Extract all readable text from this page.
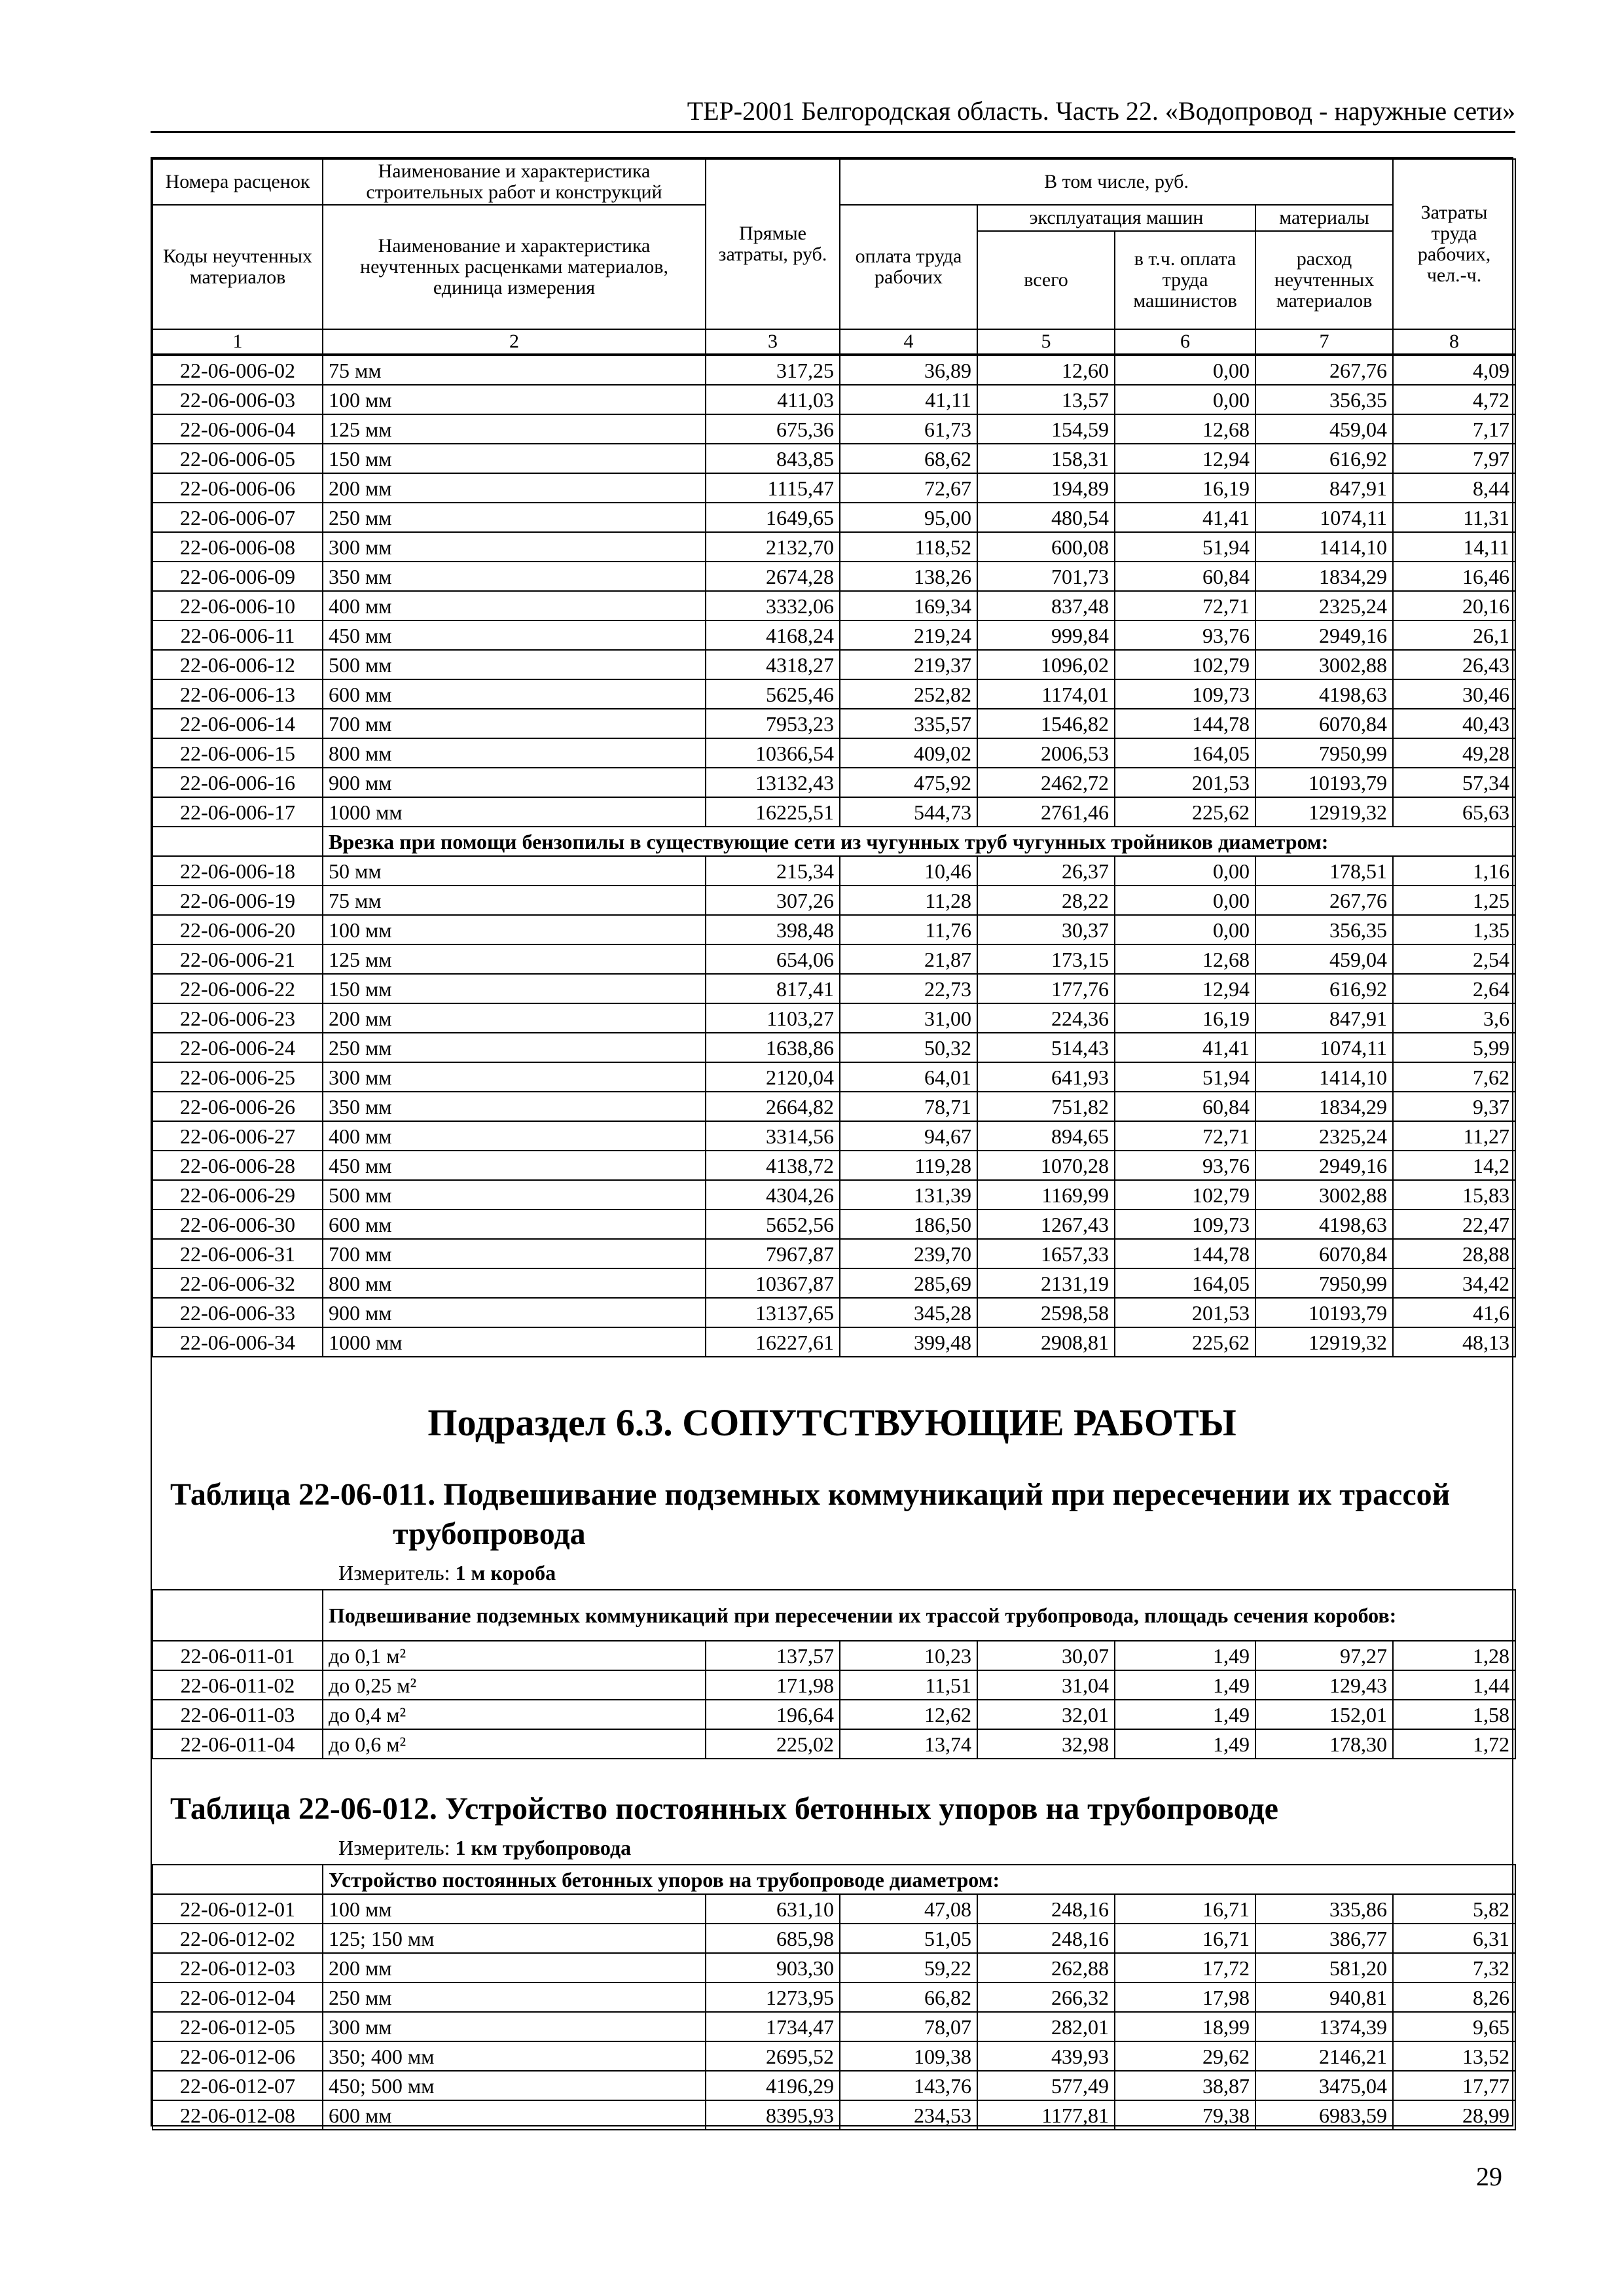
ТЕР-2001 Белгородская область. Часть 22. «Водопровод - наружные сети»
Номера расценок	Наименование и характеристика строительных работ и конструкций	Прямые затраты, руб.	В том числе, руб.				Затраты труда рабочих, чел.-ч.
Коды неучтенных материалов	Наименование и характеристика неучтенных расценками материалов, единица измерения		оплата труда рабочих	эксплуатация машин		материалы	
				всего	в т.ч. оплата труда машинистов	расход неучтенных материалов	
1	2	3	4	5	6	7	8
22-06-006-02	75 мм	317,25	36,89	12,60	0,00	267,76	4,09
22-06-006-03	100 мм	411,03	41,11	13,57	0,00	356,35	4,72
22-06-006-04	125 мм	675,36	61,73	154,59	12,68	459,04	7,17
22-06-006-05	150 мм	843,85	68,62	158,31	12,94	616,92	7,97
22-06-006-06	200 мм	1115,47	72,67	194,89	16,19	847,91	8,44
22-06-006-07	250 мм	1649,65	95,00	480,54	41,41	1074,11	11,31
22-06-006-08	300 мм	2132,70	118,52	600,08	51,94	1414,10	14,11
22-06-006-09	350 мм	2674,28	138,26	701,73	60,84	1834,29	16,46
22-06-006-10	400 мм	3332,06	169,34	837,48	72,71	2325,24	20,16
22-06-006-11	450 мм	4168,24	219,24	999,84	93,76	2949,16	26,1
22-06-006-12	500 мм	4318,27	219,37	1096,02	102,79	3002,88	26,43
22-06-006-13	600 мм	5625,46	252,82	1174,01	109,73	4198,63	30,46
22-06-006-14	700 мм	7953,23	335,57	1546,82	144,78	6070,84	40,43
22-06-006-15	800 мм	10366,54	409,02	2006,53	164,05	7950,99	49,28
22-06-006-16	900 мм	13132,43	475,92	2462,72	201,53	10193,79	57,34
22-06-006-17	1000 мм	16225,51	544,73	2761,46	225,62	12919,32	65,63
	Врезка при помощи бензопилы в существующие сети из чугунных труб чугунных тройников диаметром:						
22-06-006-18	50 мм	215,34	10,46	26,37	0,00	178,51	1,16
22-06-006-19	75 мм	307,26	11,28	28,22	0,00	267,76	1,25
22-06-006-20	100 мм	398,48	11,76	30,37	0,00	356,35	1,35
22-06-006-21	125 мм	654,06	21,87	173,15	12,68	459,04	2,54
22-06-006-22	150 мм	817,41	22,73	177,76	12,94	616,92	2,64
22-06-006-23	200 мм	1103,27	31,00	224,36	16,19	847,91	3,6
22-06-006-24	250 мм	1638,86	50,32	514,43	41,41	1074,11	5,99
22-06-006-25	300 мм	2120,04	64,01	641,93	51,94	1414,10	7,62
22-06-006-26	350 мм	2664,82	78,71	751,82	60,84	1834,29	9,37
22-06-006-27	400 мм	3314,56	94,67	894,65	72,71	2325,24	11,27
22-06-006-28	450 мм	4138,72	119,28	1070,28	93,76	2949,16	14,2
22-06-006-29	500 мм	4304,26	131,39	1169,99	102,79	3002,88	15,83
22-06-006-30	600 мм	5652,56	186,50	1267,43	109,73	4198,63	22,47
22-06-006-31	700 мм	7967,87	239,70	1657,33	144,78	6070,84	28,88
22-06-006-32	800 мм	10367,87	285,69	2131,19	164,05	7950,99	34,42
22-06-006-33	900 мм	13137,65	345,28	2598,58	201,53	10193,79	41,6
22-06-006-34	1000 мм	16227,61	399,48	2908,81	225,62	12919,32	48,13
Подраздел 6.3. СОПУТСТВУЮЩИЕ РАБОТЫ
Таблица 22-06-011. Подвешивание подземных коммуникаций при пересечении их трассой
трубопровода
Измеритель: 1 м короба
	Подвешивание подземных коммуникаций при пересечении их трассой трубопровода, площадь сечения коробов:						
22-06-011-01	до 0,1 м²	137,57	10,23	30,07	1,49	97,27	1,28
22-06-011-02	до 0,25 м²	171,98	11,51	31,04	1,49	129,43	1,44
22-06-011-03	до 0,4 м²	196,64	12,62	32,01	1,49	152,01	1,58
22-06-011-04	до 0,6 м²	225,02	13,74	32,98	1,49	178,30	1,72
Таблица 22-06-012. Устройство постоянных бетонных упоров на трубопроводе
Измеритель: 1 км трубопровода
	Устройство постоянных бетонных упоров на трубопроводе диаметром:						
22-06-012-01	100 мм	631,10	47,08	248,16	16,71	335,86	5,82
22-06-012-02	125; 150 мм	685,98	51,05	248,16	16,71	386,77	6,31
22-06-012-03	200 мм	903,30	59,22	262,88	17,72	581,20	7,32
22-06-012-04	250 мм	1273,95	66,82	266,32	17,98	940,81	8,26
22-06-012-05	300 мм	1734,47	78,07	282,01	18,99	1374,39	9,65
22-06-012-06	350; 400 мм	2695,52	109,38	439,93	29,62	2146,21	13,52
22-06-012-07	450; 500 мм	4196,29	143,76	577,49	38,87	3475,04	17,77
22-06-012-08	600 мм	8395,93	234,53	1177,81	79,38	6983,59	28,99
29
